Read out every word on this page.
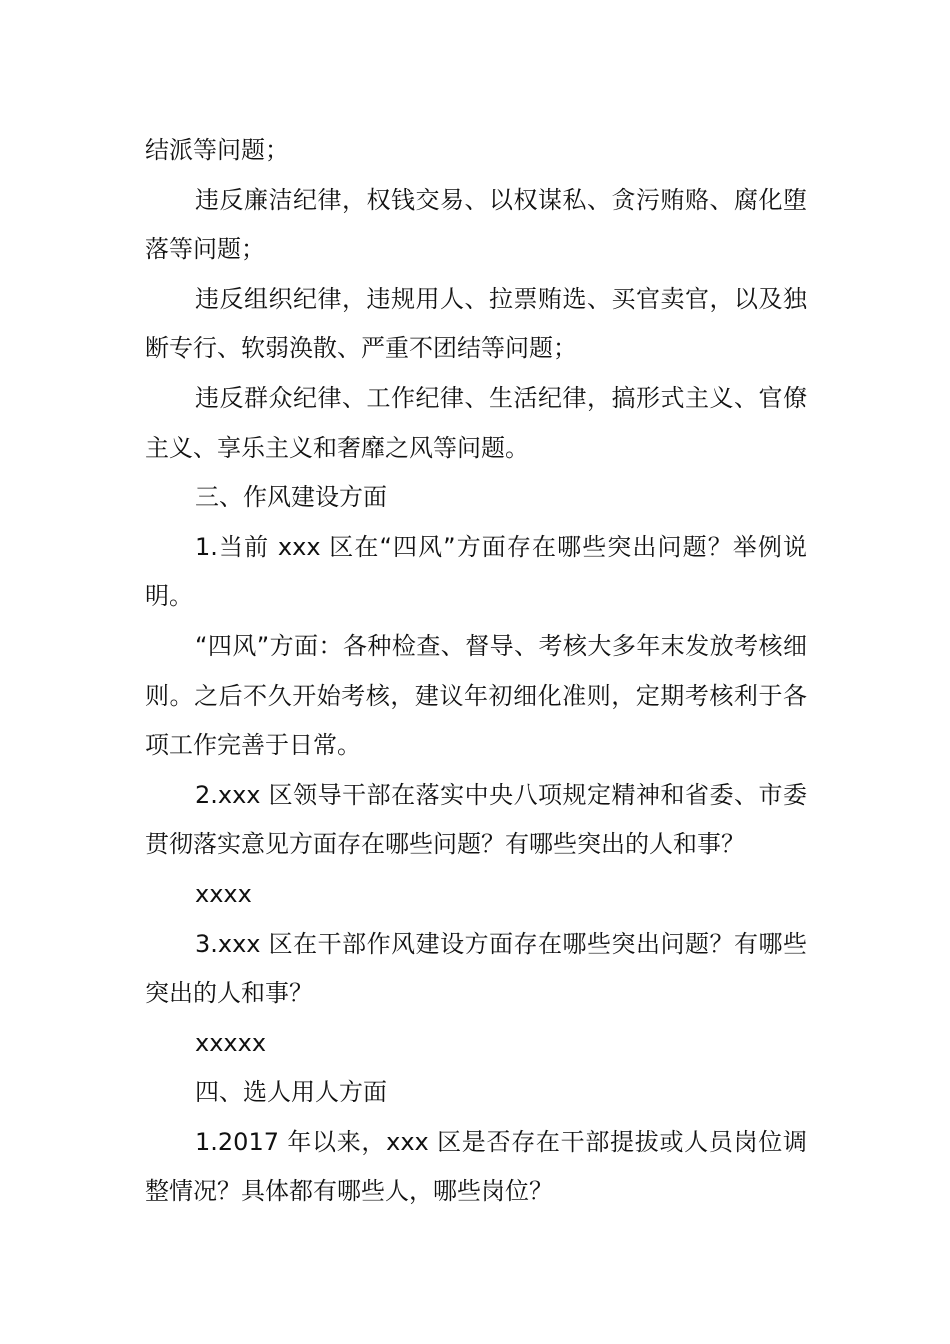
结派等问题；

违反廉洁纪律，权钱交易、以权谋私、贪污贿赂、腐化堕落等问题；

违反组织纪律，违规用人、拉票贿选、买官卖官，以及独断专行、软弱涣散、严重不团结等问题；

违反群众纪律、工作纪律、生活纪律，搞形式主义、官僚主义、享乐主义和奢靡之风等问题。

三、作风建设方面

1.当前 xxx 区在“四风”方面存在哪些突出问题？举例说明。

“四风”方面：各种检查、督导、考核大多年末发放考核细则。之后不久开始考核，建议年初细化准则，定期考核利于各项工作完善于日常。

2.xxx 区领导干部在落实中央八项规定精神和省委、市委贯彻落实意见方面存在哪些问题？有哪些突出的人和事？

xxxx

3.xxx 区在干部作风建设方面存在哪些突出问题？有哪些突出的人和事？

xxxxx

四、选人用人方面

1.2017 年以来，xxx 区是否存在干部提拔或人员岗位调整情况？具体都有哪些人，哪些岗位？
